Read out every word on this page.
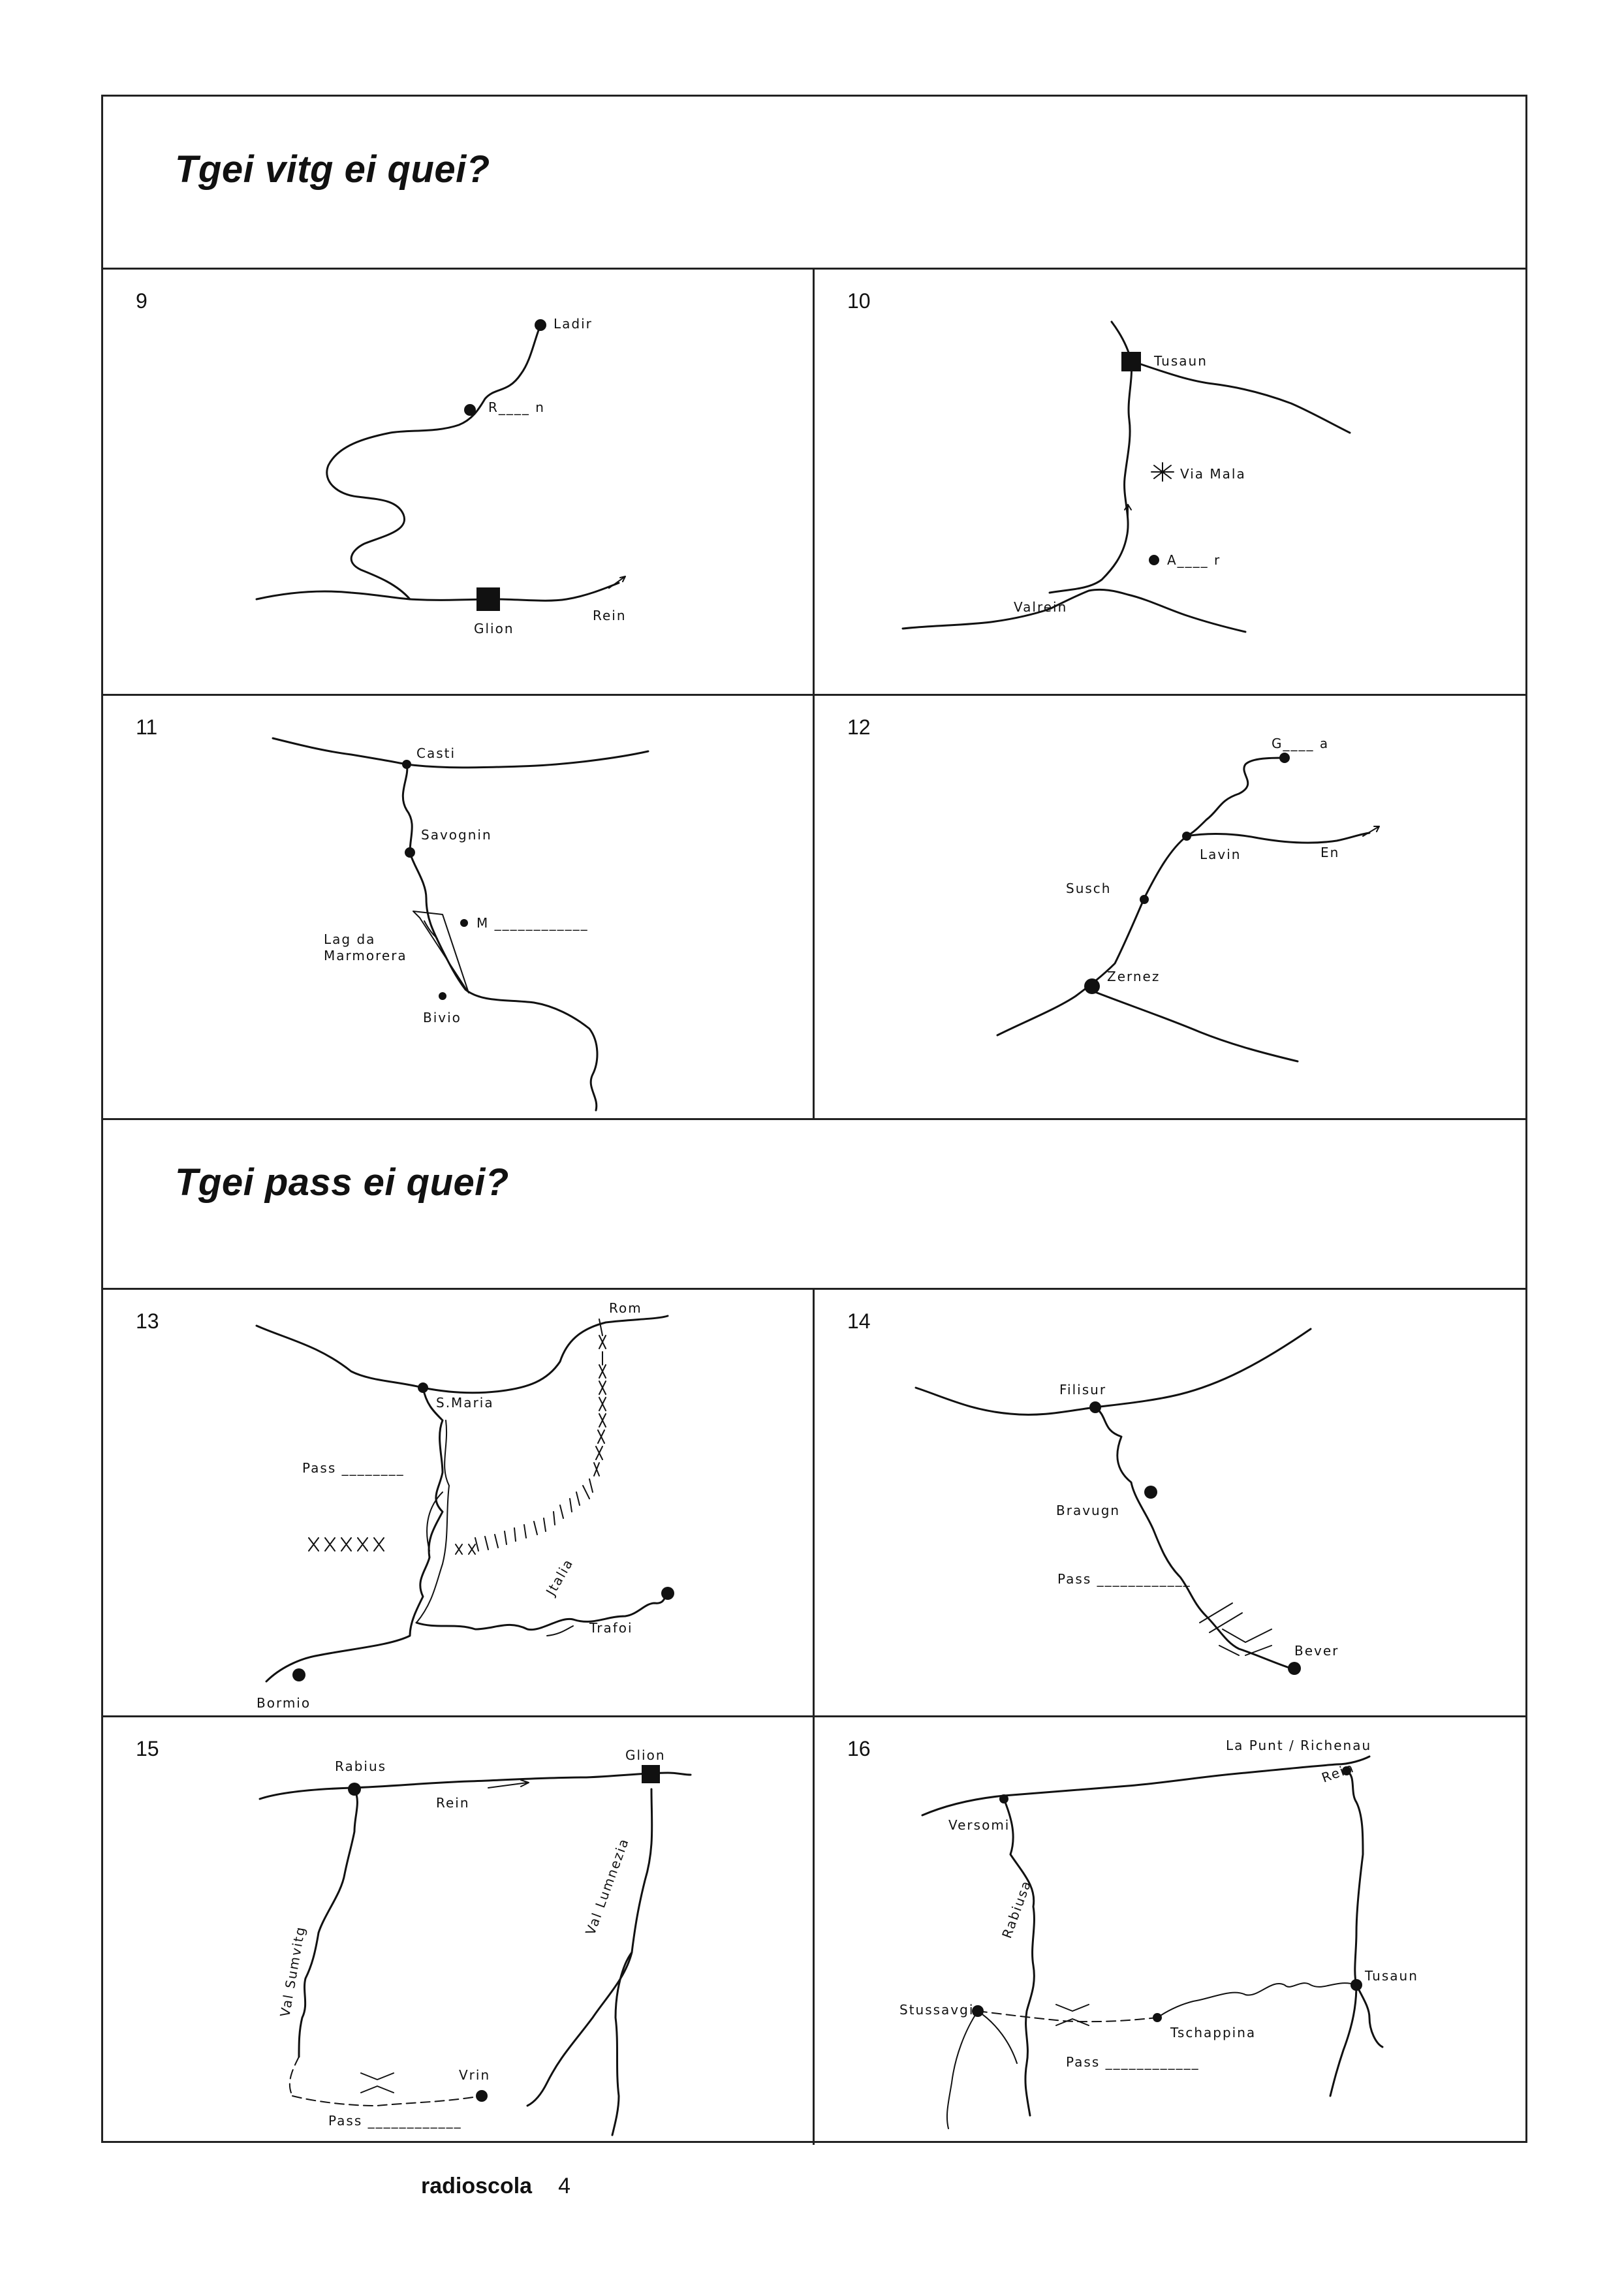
Tgei vitg ei quei?
9
Ladir
R____ n
Glion
Rein
10
Tusaun
Via Mala
A____ r
Valrein
11
Casti
Savognin
M ____________
Lag da
Marmorera
Bivio
12
G____ a
Lavin	En
Susch
Zernez
Tgei pass ei quei?
13
Rom
S.Maria
Pass ________
Jtalia
Trafoi
Bormio
14
Filisur
Bravugn
Pass ____________
Bever
15
Rabius
Glion
Rein
Val Sumvitg
Val Lumnezia
Vrin
Pass ____________
16	La Punt / Richenau
Rein
Versomi
Rabiusa
Tusaun
Stussavgia
Tschappina
Pass ____________
radioscola 4
